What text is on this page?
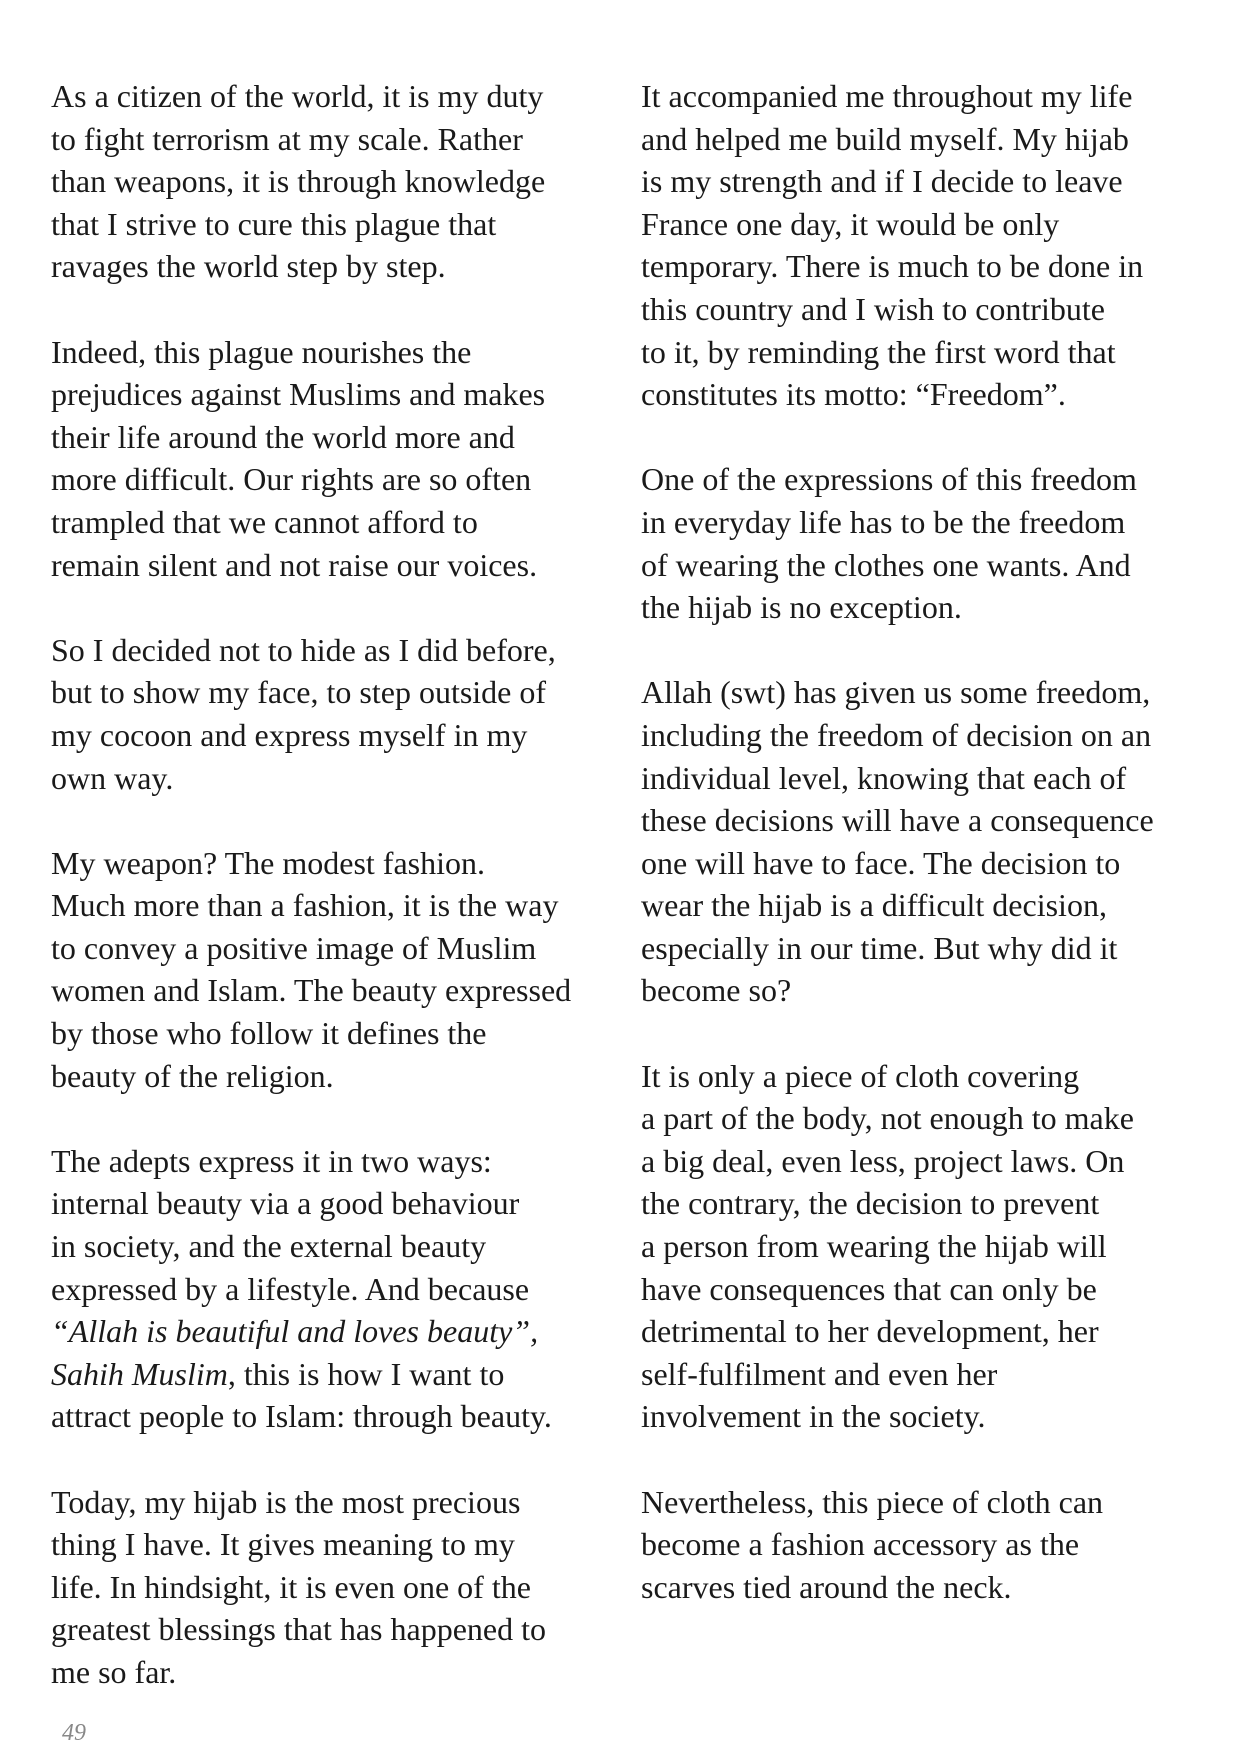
As a citizen of the world, it is my duty
to fight terrorism at my scale. Rather
than weapons, it is through knowledge
that I strive to cure this plague that
ravages the world step by step.

Indeed, this plague nourishes the
prejudices against Muslims and makes
their life around the world more and
more difficult. Our rights are so often
trampled that we cannot afford to
remain silent and not raise our voices.

So I decided not to hide as I did before,
but to show my face, to step outside of
my cocoon and express myself in my
own way.

My weapon? The modest fashion.
Much more than a fashion, it is the way
to convey a positive image of Muslim
women and Islam. The beauty expressed
by those who follow it defines the
beauty of the religion.

The adepts express it in two ways:
internal beauty via a good behaviour
in society, and the external beauty
expressed by a lifestyle. And because
“Allah is beautiful and loves beauty”,
Sahih Muslim, this is how I want to
attract people to Islam: through beauty.

Today, my hijab is the most precious
thing I have. It gives meaning to my
life. In hindsight, it is even one of the
greatest blessings that has happened to
me so far.

It accompanied me throughout my life
and helped me build myself. My hijab
is my strength and if I decide to leave
France one day, it would be only
temporary. There is much to be done in
this country and I wish to contribute
to it, by reminding the first word that
constitutes its motto: “Freedom”.

One of the expressions of this freedom
in everyday life has to be the freedom
of wearing the clothes one wants. And
the hijab is no exception.

Allah (swt) has given us some freedom,
including the freedom of decision on an
individual level, knowing that each of
these decisions will have a consequence
one will have to face. The decision to
wear the hijab is a difficult decision,
especially in our time. But why did it
become so?

It is only a piece of cloth covering
a part of the body, not enough to make
a big deal, even less, project laws. On
the contrary, the decision to prevent
a person from wearing the hijab will
have consequences that can only be
detrimental to her development, her
self-fulfilment and even her
involvement in the society.

Nevertheless, this piece of cloth can
become a fashion accessory as the
scarves tied around the neck.

49
